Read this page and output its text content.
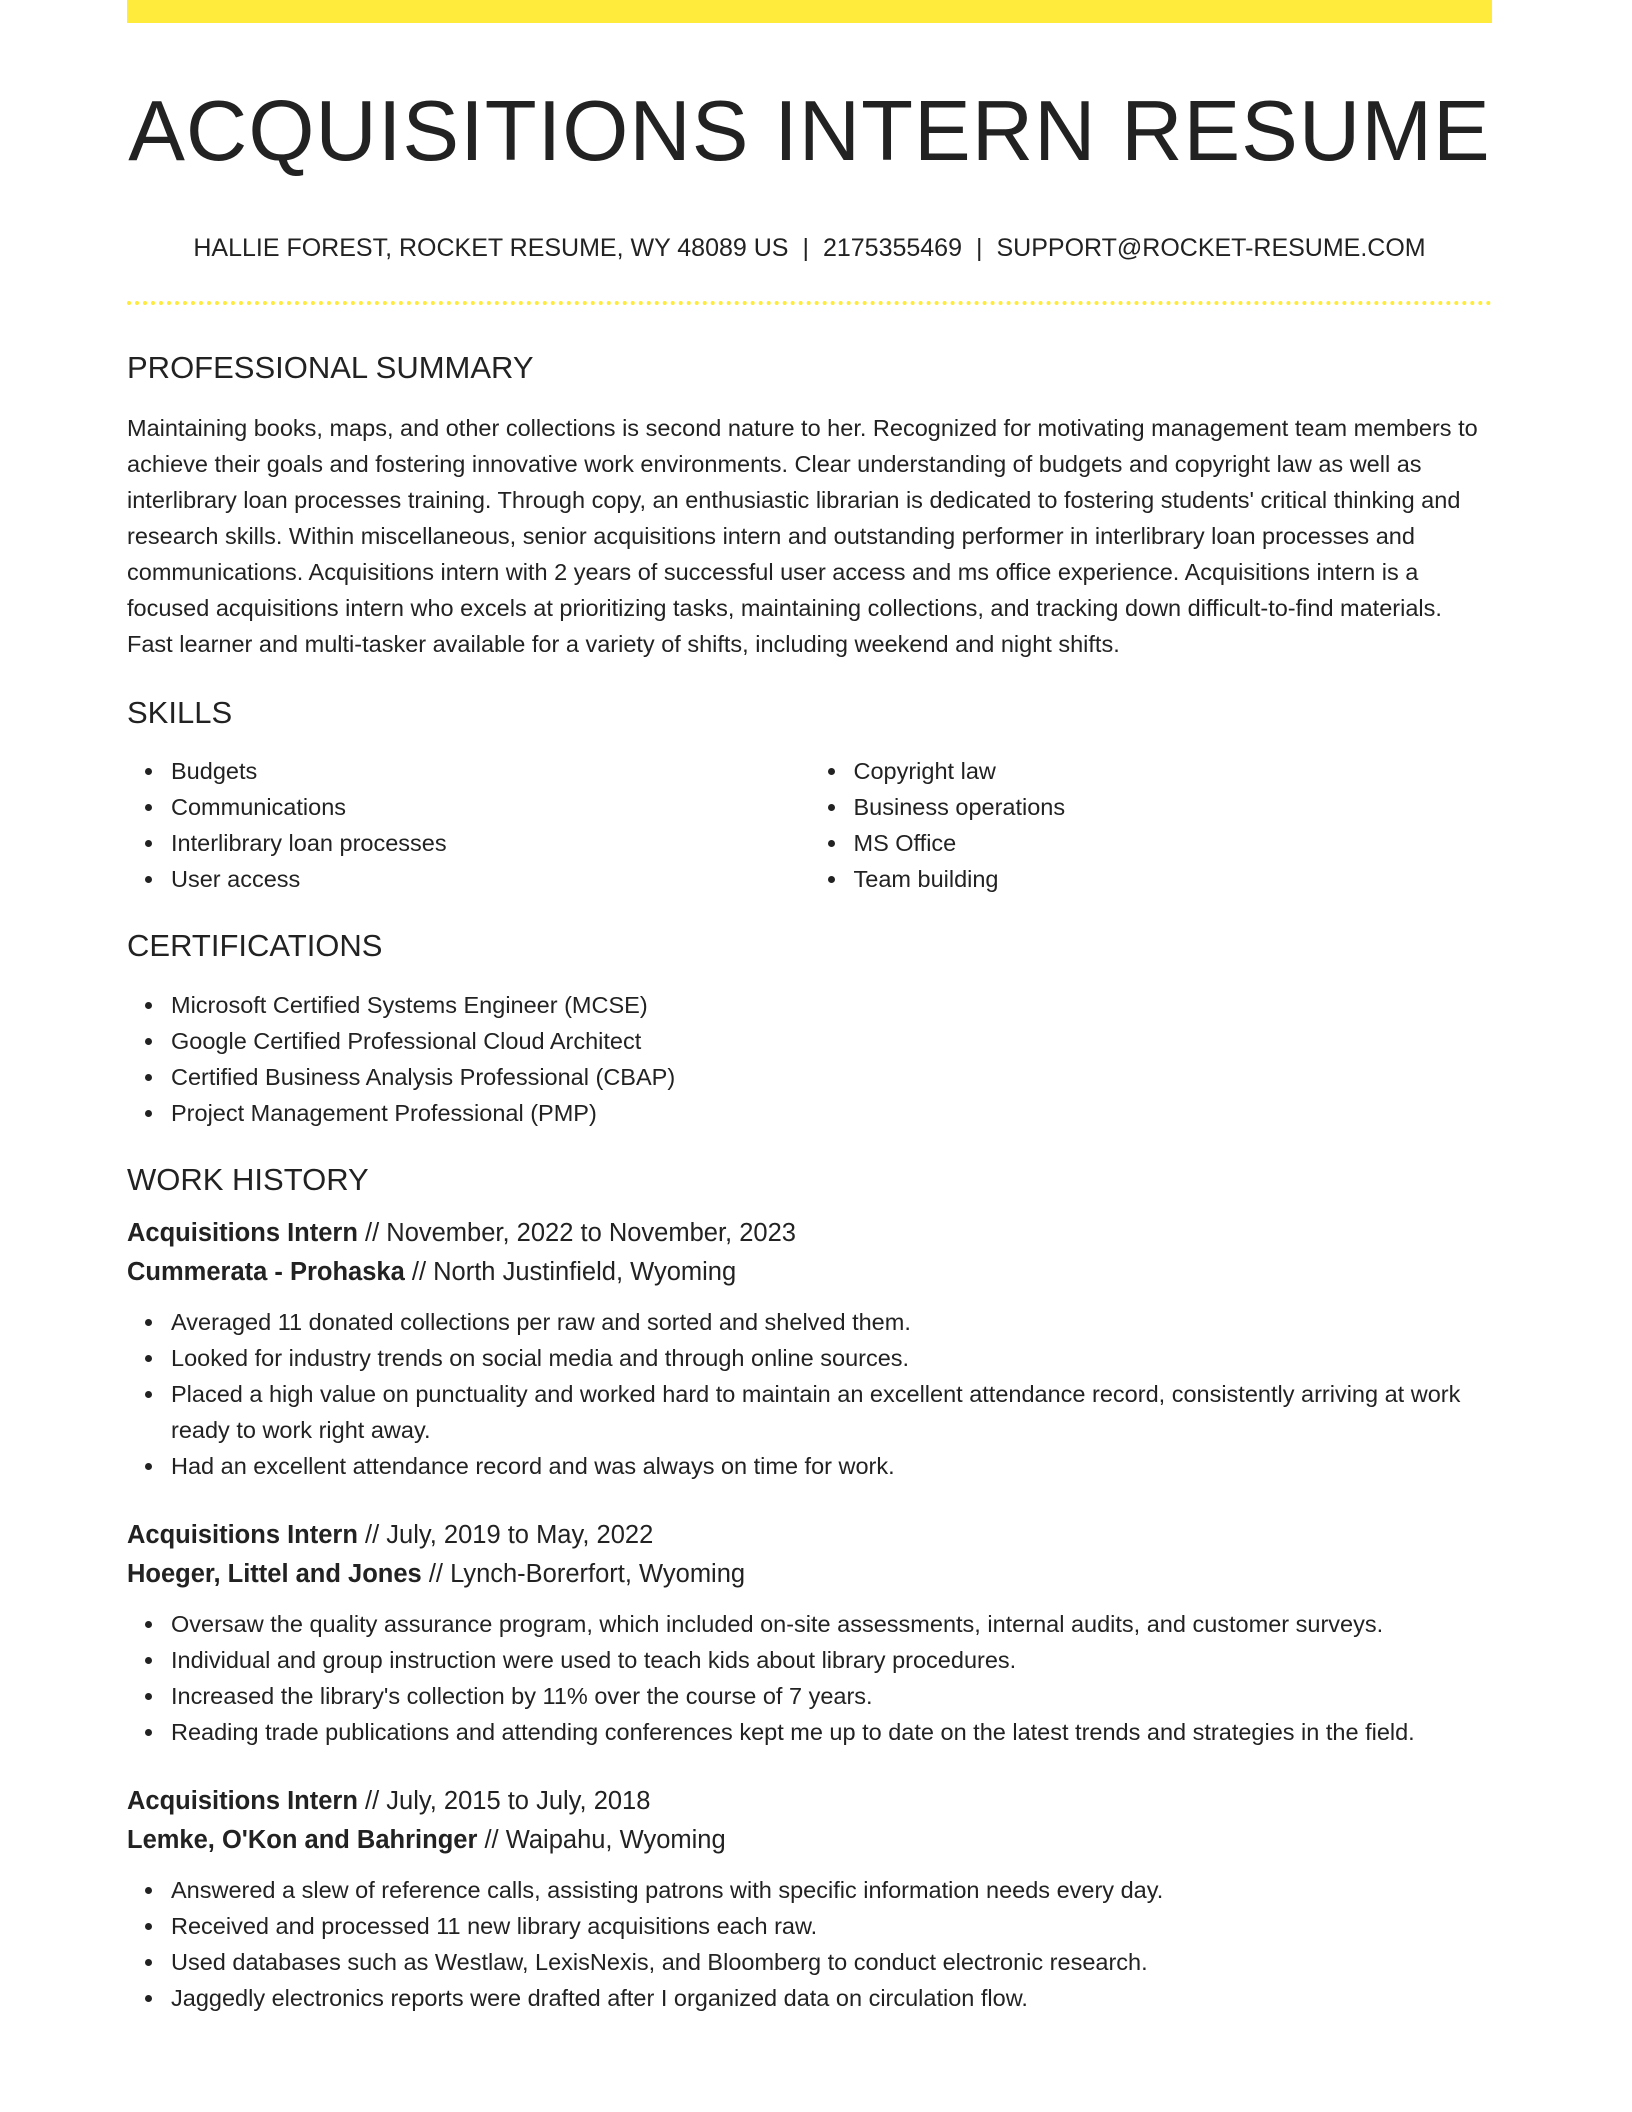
ACQUISITIONS INTERN RESUME
HALLIE FOREST, ROCKET RESUME, WY 48089 US | 2175355469 | SUPPORT@ROCKET-RESUME.COM
PROFESSIONAL SUMMARY

Maintaining books, maps, and other collections is second nature to her. Recognized for motivating management team members to achieve their goals and fostering innovative work environments. Clear understanding of budgets and copyright law as well as interlibrary loan processes training. Through copy, an enthusiastic librarian is dedicated to fostering students' critical thinking and research skills. Within miscellaneous, senior acquisitions intern and outstanding performer in interlibrary loan processes and communications. Acquisitions intern with 2 years of successful user access and ms office experience. Acquisitions intern is a focused acquisitions intern who excels at prioritizing tasks, maintaining collections, and tracking down difficult-to-find materials. Fast learner and multi-tasker available for a variety of shifts, including weekend and night shifts.

SKILLS
Budgets
Communications
Interlibrary loan processes
User access
Copyright law
Business operations
MS Office
Team building
CERTIFICATIONS
Microsoft Certified Systems Engineer (MCSE)
Google Certified Professional Cloud Architect
Certified Business Analysis Professional (CBAP)
Project Management Professional (PMP)
WORK HISTORY
Acquisitions Intern // November, 2022 to November, 2023
Cummerata - Prohaska // North Justinfield, Wyoming
Averaged 11 donated collections per raw and sorted and shelved them.
Looked for industry trends on social media and through online sources.
Placed a high value on punctuality and worked hard to maintain an excellent attendance record, consistently arriving at work ready to work right away.
Had an excellent attendance record and was always on time for work.
Acquisitions Intern // July, 2019 to May, 2022
Hoeger, Littel and Jones // Lynch-Borerfort, Wyoming
Oversaw the quality assurance program, which included on-site assessments, internal audits, and customer surveys.
Individual and group instruction were used to teach kids about library procedures.
Increased the library's collection by 11% over the course of 7 years.
Reading trade publications and attending conferences kept me up to date on the latest trends and strategies in the field.
Acquisitions Intern // July, 2015 to July, 2018
Lemke, O'Kon and Bahringer // Waipahu, Wyoming
Answered a slew of reference calls, assisting patrons with specific information needs every day.
Received and processed 11 new library acquisitions each raw.
Used databases such as Westlaw, LexisNexis, and Bloomberg to conduct electronic research.
Jaggedly electronics reports were drafted after I organized data on circulation flow.
